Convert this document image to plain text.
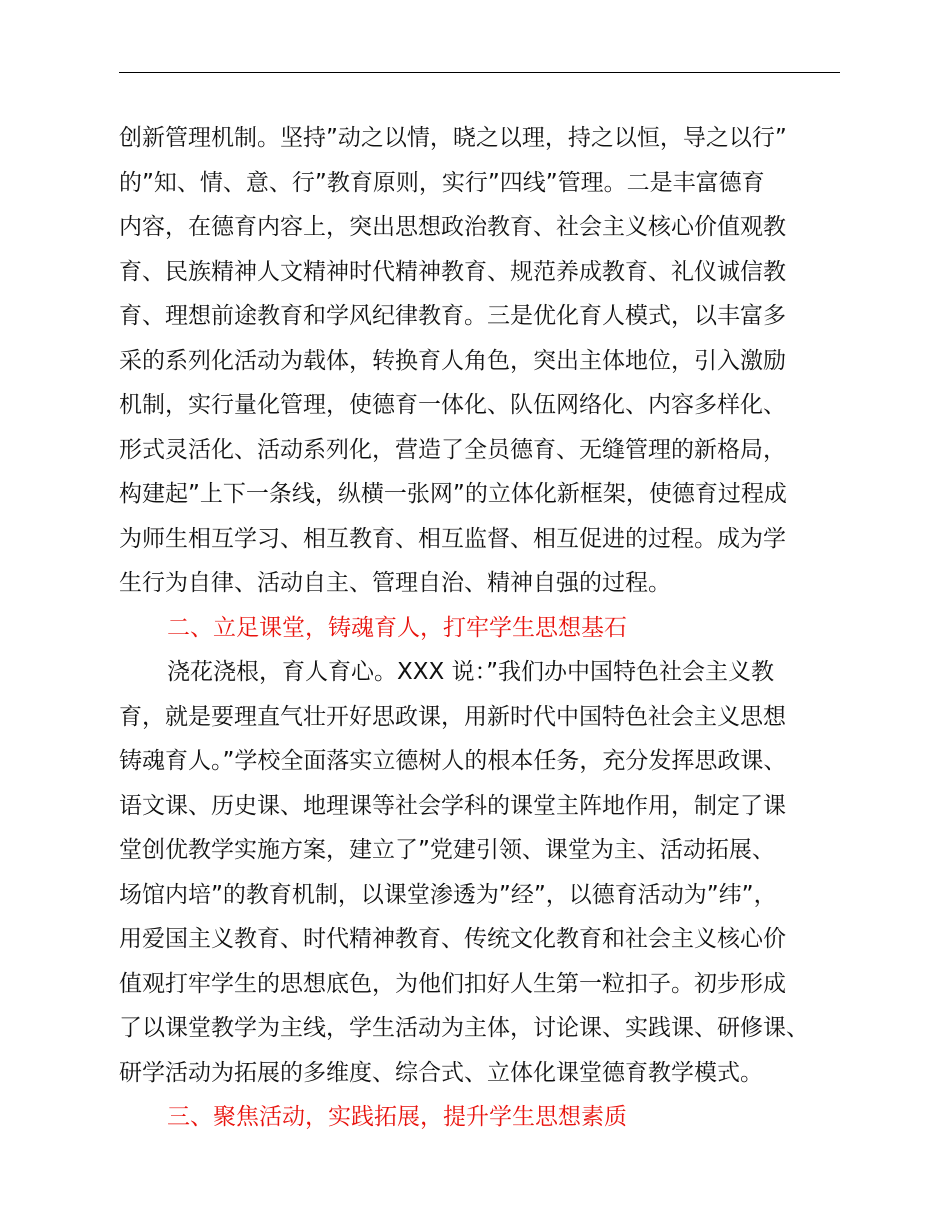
创新管理机制。坚持”动之以情，晓之以理，持之以恒，导之以行”
的”知、情、意、行”教育原则，实行”四线”管理。二是丰富德育
内容，在德育内容上，突出思想政治教育、社会主义核心价值观教
育、民族精神人文精神时代精神教育、规范养成教育、礼仪诚信教
育、理想前途教育和学风纪律教育。三是优化育人模式，以丰富多
采的系列化活动为载体，转换育人角色，突出主体地位，引入激励
机制，实行量化管理，使德育一体化、队伍网络化、内容多样化、
形式灵活化、活动系列化，营造了全员德育、无缝管理的新格局，
构建起”上下一条线，纵横一张网”的立体化新框架，使德育过程成
为师生相互学习、相互教育、相互监督、相互促进的过程。成为学
生行为自律、活动自主、管理自治、精神自强的过程。
二、立足课堂，铸魂育人，打牢学生思想基石
浇花浇根，育人育心。XXX 说：”我们办中国特色社会主义教
育，就是要理直气壮开好思政课，用新时代中国特色社会主义思想
铸魂育人。”学校全面落实立德树人的根本任务，充分发挥思政课、
语文课、历史课、地理课等社会学科的课堂主阵地作用，制定了课
堂创优教学实施方案，建立了”党建引领、课堂为主、活动拓展、
场馆内培”的教育机制，以课堂渗透为”经”，以德育活动为”纬”，
用爱国主义教育、时代精神教育、传统文化教育和社会主义核心价
值观打牢学生的思想底色，为他们扣好人生第一粒扣子。初步形成
了以课堂教学为主线，学生活动为主体，讨论课、实践课、研修课、
研学活动为拓展的多维度、综合式、立体化课堂德育教学模式。
三、聚焦活动，实践拓展，提升学生思想素质
